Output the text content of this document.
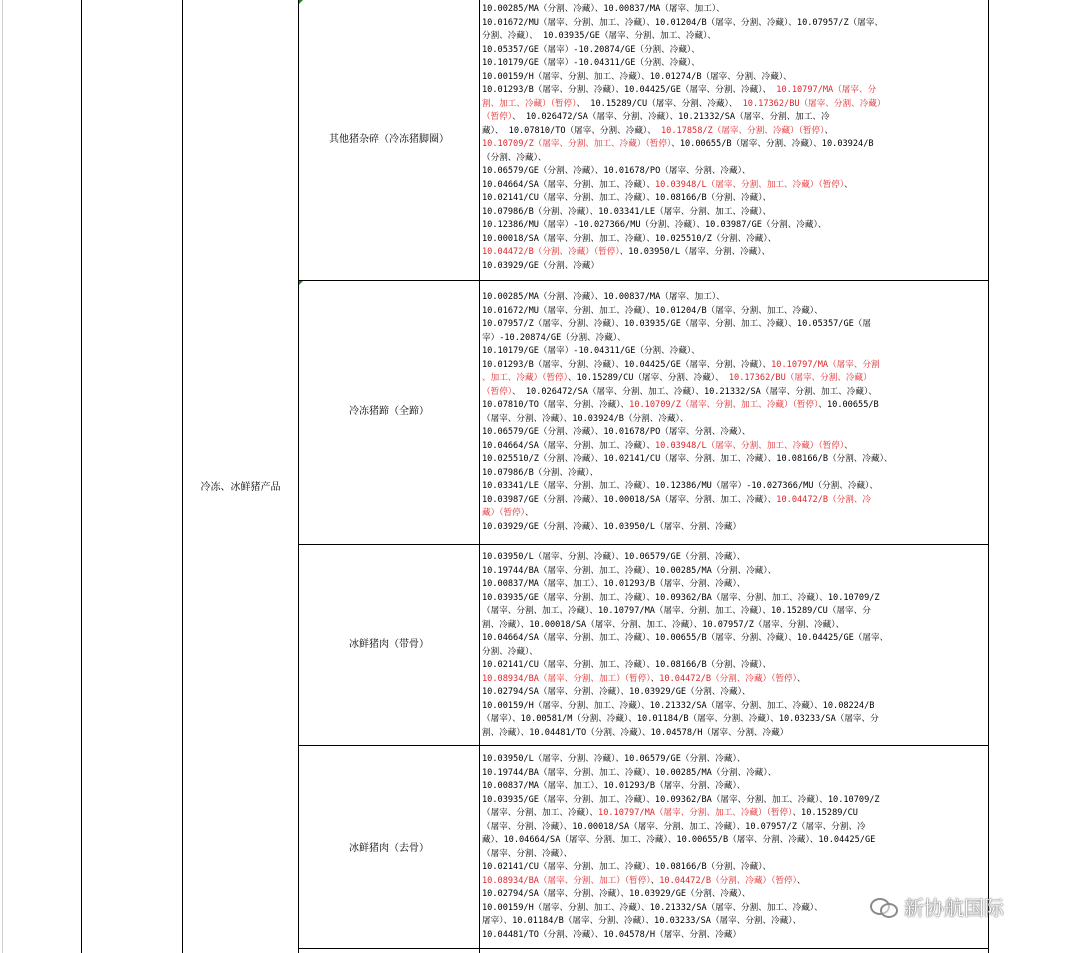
冷冻、冰鲜猪产品
其他猪杂碎（冷冻猪脚圈）
冷冻猪蹄（全蹄）
冰鲜猪肉（带骨）
冰鲜猪肉（去骨）
10.00285/MA（分割、冷藏）、10.00837/MA（屠宰、加工）、
10.01672/MU（屠宰、分割、加工、冷藏）、10.01204/B（屠宰、分割、冷藏）、10.07957/Z（屠宰、
分割、冷藏）、 10.03935/GE（屠宰、分割、加工、冷藏）、
10.05357/GE（屠宰）-10.20874/GE（分割、冷藏）、
10.10179/GE（屠宰）-10.04311/GE（分割、冷藏）、
10.00159/H（屠宰、分割、加工、冷藏）、10.01274/B（屠宰、分割、冷藏）、
10.01293/B（屠宰、分割、冷藏）、10.04425/GE（屠宰、分割、冷藏）、 10.10797/MA（屠宰、分
割、加工、冷藏）（暂停）、 10.15289/CU（屠宰、分割、冷藏）、 10.17362/BU（屠宰、分割、冷藏）
（暂停）、 10.026472/SA（屠宰、分割、冷藏）、10.21332/SA（屠宰、分割、加工、冷
藏）、 10.07810/TO（屠宰、分割、冷藏）、 10.17858/Z（屠宰、分割、冷藏）（暂停）、
10.10709/Z（屠宰、分割、加工、冷藏）（暂停）、10.00655/B（屠宰、分割、冷藏）、10.03924/B
（分割、冷藏）、
10.06579/GE（分割、冷藏）、10.01678/PO（屠宰、分割、冷藏）、
10.04664/SA（屠宰、分割、加工、冷藏）、10.03948/L（屠宰、分割、加工、冷藏）（暂停）、
10.02141/CU（屠宰、分割、加工、冷藏）、10.08166/B（分割、冷藏）、
10.07986/B（分割、冷藏）、10.03341/LE（屠宰、分割、加工、冷藏）、
10.12386/MU（屠宰）-10.027366/MU（分割、冷藏）、10.03987/GE（分割、冷藏）、
10.00018/SA（屠宰、分割、加工、冷藏）、10.025510/Z（分割、冷藏）、
10.04472/B（分割、冷藏）（暂停）、10.03950/L（屠宰、分割、冷藏）、
10.03929/GE（分割、冷藏）
10.00285/MA（分割、冷藏）、10.00837/MA（屠宰、加工）、
10.01672/MU（屠宰、分割、加工、冷藏）、10.01204/B（屠宰、分割、加工、冷藏）、
10.07957/Z（屠宰、分割、冷藏）、10.03935/GE（屠宰、分割、加工、冷藏）、10.05357/GE（屠
宰）-10.20874/GE（分割、冷藏）、
10.10179/GE（屠宰）-10.04311/GE（分割、冷藏）、
10.01293/B（屠宰、分割、冷藏）、10.04425/GE（屠宰、分割、冷藏）、10.10797/MA（屠宰、分割
、加工、冷藏）（暂停）、10.15289/CU（屠宰、分割、冷藏）、 10.17362/BU（屠宰、分割、冷藏）
（暂停）、 10.026472/SA（屠宰、分割、加工、冷藏）、10.21332/SA（屠宰、分割、加工、冷藏）、
10.07810/TO（屠宰、分割、冷藏）、10.10709/Z（屠宰、分割、加工、冷藏）（暂停）、10.00655/B
（屠宰、分割、冷藏）、10.03924/B（分割、冷藏）、
10.06579/GE（分割、冷藏）、10.01678/PO（屠宰、分割、冷藏）、
10.04664/SA（屠宰、分割、加工、冷藏）、10.03948/L（屠宰、分割、加工、冷藏）（暂停）、
10.025510/Z（分割、冷藏）、10.02141/CU（屠宰、分割、加工、冷藏）、10.08166/B（分割、冷藏）、
10.07986/B（分割、冷藏）、
10.03341/LE（屠宰、分割、加工、冷藏）、10.12386/MU（屠宰）-10.027366/MU（分割、冷藏）、
10.03987/GE（分割、冷藏）、10.00018/SA（屠宰、分割、加工、冷藏）、10.04472/B（分割、冷
藏）（暂停）、
10.03929/GE（分割、冷藏）、10.03950/L（屠宰、分割、冷藏）
10.03950/L（屠宰、分割、冷藏）、10.06579/GE（分割、冷藏）、
10.19744/BA（屠宰、分割、加工、冷藏）、10.00285/MA（分割、冷藏）、
10.00837/MA（屠宰、加工）、10.01293/B（屠宰、分割、冷藏）、
10.03935/GE（屠宰、分割、加工、冷藏）、10.09362/BA（屠宰、分割、加工、冷藏）、10.10709/Z
（屠宰、分割、加工、冷藏）、10.10797/MA（屠宰、分割、加工、冷藏）、10.15289/CU（屠宰、分
割、冷藏）、10.00018/SA（屠宰、分割、加工、冷藏）、10.07957/Z（屠宰、分割、冷藏）、
10.04664/SA（屠宰、分割、加工、冷藏）、10.00655/B（屠宰、分割、冷藏）、10.04425/GE（屠宰、
分割、冷藏）、
10.02141/CU（屠宰、分割、加工、冷藏）、10.08166/B（分割、冷藏）、
10.08934/BA（屠宰、分割、加工）（暂停）、10.04472/B（分割、冷藏）（暂停）、
10.02794/SA（屠宰、分割、冷藏）、10.03929/GE（分割、冷藏）、
10.00159/H（屠宰、分割、加工、冷藏）、10.21332/SA（屠宰、分割、加工、冷藏）、10.08224/B
（屠宰）、10.00581/M（分割、冷藏）、10.01184/B（屠宰、分割、冷藏）、10.03233/SA（屠宰、分
割、冷藏）、10.04481/TO（分割、冷藏）、10.04578/H（屠宰、分割、冷藏）
10.03950/L（屠宰、分割、冷藏）、10.06579/GE（分割、冷藏）、
10.19744/BA（屠宰、分割、加工、冷藏）、10.00285/MA（分割、冷藏）、
10.00837/MA（屠宰、加工）、10.01293/B（屠宰、分割、冷藏）、
10.03935/GE（屠宰、分割、加工、冷藏）、10.09362/BA（屠宰、分割、加工、冷藏）、10.10709/Z
（屠宰、分割、加工、冷藏）、10.10797/MA（屠宰、分割、加工、冷藏）（暂停）、10.15289/CU
（屠宰、分割、冷藏）、10.00018/SA（屠宰、分割、加工、冷藏）、10.07957/Z（屠宰、分割、冷
藏）、10.04664/SA（屠宰、分割、加工、冷藏）、10.00655/B（屠宰、分割、冷藏）、10.04425/GE
（屠宰、分割、冷藏）、
10.02141/CU（屠宰、分割、加工、冷藏）、10.08166/B（分割、冷藏）、
10.08934/BA（屠宰、分割、加工）（暂停）、10.04472/B（分割、冷藏）（暂停）、
10.02794/SA（屠宰、分割、冷藏）、10.03929/GE（分割、冷藏）、
10.00159/H（屠宰、分割、加工、冷藏）、10.21332/SA（屠宰、分割、加工、冷藏）、
屠宰）、10.01184/B（屠宰、分割、冷藏）、10.03233/SA（屠宰、分割、冷藏）、
10.04481/TO（分割、冷藏）、10.04578/H（屠宰、分割、冷藏）
新协航国际
